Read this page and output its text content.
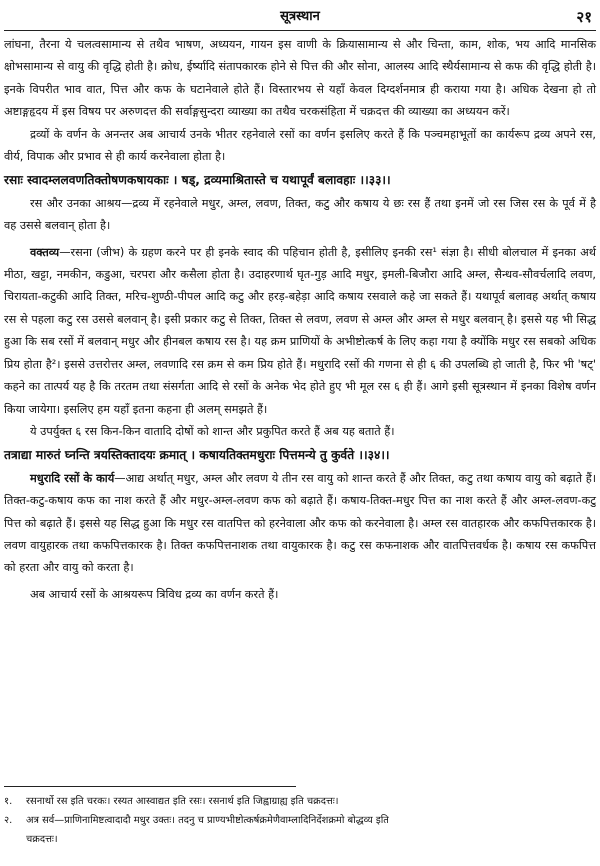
सूत्रस्थान	२१

लांघना, तैरना ये चलत्वसामान्य से तथैव भाषण, अध्ययन, गायन इस वाणी के क्रियासामान्य से और चिन्ता, काम, शोक, भय आदि मानसिक क्षोभसामान्य से वायु की वृद्धि होती है। क्रोध, ईर्ष्यादि संतापकारक होने से पित्त की और सोना, आलस्य आदि स्थैर्यसामान्य से कफ की वृद्धि होती है। इनके विपरीत भाव वात, पित्त और कफ के घटानेवाले होते हैं। विस्तारभय से यहाँ केवल दिग्दर्शनमात्र ही कराया गया है। अधिक देखना हो तो अष्टाङ्गहृदय में इस विषय पर अरुणदत्त की सर्वाङ्गसुन्दरा व्याख्या का तथैव चरकसंहिता में चक्रदत्त की व्याख्या का अध्ययन करें।

द्रव्यों के वर्णन के अनन्तर अब आचार्य उनके भीतर रहनेवाले रसों का वर्णन इसलिए करते हैं कि पञ्चमहाभूतों का कार्यरूप द्रव्य अपने रस, वीर्य, विपाक और प्रभाव से ही कार्य करनेवाला होता है।

रसाः स्वादम्ललवणतिक्तोषणकषायकाः । षड्, द्रव्यमाश्रितास्ते च यथापूर्वं बलावहाः ।।३३।।

रस और उनका आश्रय—द्रव्य में रहनेवाले मधुर, अम्ल, लवण, तिक्त, कटु और कषाय ये छः रस हैं तथा इनमें जो रस जिस रस के पूर्व में है वह उससे बलवान् होता है।

वक्तव्य—रसना (जीभ) के ग्रहण करने पर ही इनके स्वाद की पहिचान होती है, इसीलिए इनकी रस¹ संज्ञा है। सीधी बोलचाल में इनका अर्थ मीठा, खट्टा, नमकीन, कडुआ, चरपरा और कसैला होता है। उदाहरणार्थ घृत-गुड़ आदि मधुर, इमली-बिजौरा आदि अम्ल, सैन्धव-सौवर्चलादि लवण, चिरायता-कटुकी आदि तिक्त, मरिच-शुण्ठी-पीपल आदि कटु और हरड़-बहेड़ा आदि कषाय रसवाले कहे जा सकते हैं। यथापूर्व बलावह अर्थात् कषाय रस से पहला कटु रस उससे बलवान् है। इसी प्रकार कटु से तिक्त, तिक्त से लवण, लवण से अम्ल और अम्ल से मधुर बलवान् है। इससे यह भी सिद्ध हुआ कि सब रसों में बलवान् मधुर और हीनबल कषाय रस है। यह क्रम प्राणियों के अभीष्टोत्कर्ष के लिए कहा गया है क्योंकि मधुर रस सबको अधिक प्रिय होता है²। इससे उत्तरोत्तर अम्ल, लवणादि रस क्रम से कम प्रिय होते हैं। मधुरादि रसों की गणना से ही ६ की उपलब्धि हो जाती है, फिर भी 'षट्' कहने का तात्पर्य यह है कि तरतम तथा संसर्गता आदि से रसों के अनेक भेद होते हुए भी मूल रस ६ ही हैं। आगे इसी सूत्रस्थान में इनका विशेष वर्णन किया जायेगा। इसलिए हम यहाँ इतना कहना ही अलम् समझते हैं।

ये उपर्युक्त ६ रस किन-किन वातादि दोषों को शान्त और प्रकुपित करते हैं अब यह बताते हैं।

तत्राद्या मारुतं घ्नन्ति त्रयस्तिक्तादयः क्रमात् । कषायतिक्तमधुराः पित्तमन्ये तु कुर्वते ।।३४।।

मधुरादि रसों के कार्य—आद्य अर्थात् मधुर, अम्ल और लवण ये तीन रस वायु को शान्त करते हैं और तिक्त, कटु तथा कषाय वायु को बढ़ाते हैं। तिक्त-कटु-कषाय कफ का नाश करते हैं और मधुर-अम्ल-लवण कफ को बढ़ाते हैं। कषाय-तिक्त-मधुर पित्त का नाश करते हैं और अम्ल-लवण-कटु पित्त को बढ़ाते हैं। इससे यह सिद्ध हुआ कि मधुर रस वातपित्त को हरनेवाला और कफ को करनेवाला है। अम्ल रस वातहारक और कफपित्तकारक है। लवण वायुहारक तथा कफपित्तकारक है। तिक्त कफपित्तनाशक तथा वायुकारक है। कटु रस कफनाशक और वातपित्तवर्धक है। कषाय रस कफपित्त को हरता और वायु को करता है।

अब आचार्य रसों के आश्रयरूप त्रिविध द्रव्य का वर्णन करते हैं।

१. रसनार्थो रस इति चरकः। रस्यत आस्वाद्यत इति रसः। रसनार्थ इति जिह्वाग्राह्य इति चक्रदत्तः।

२. अत्र सर्व—प्राणिनामिष्टत्वादादौ मधुर उक्तः। तदनु च प्राण्यभीष्टोत्कर्षक्रमेणैवाम्लादिनिर्देशक्रमो बोद्धव्य इति

चक्रदत्तः।
